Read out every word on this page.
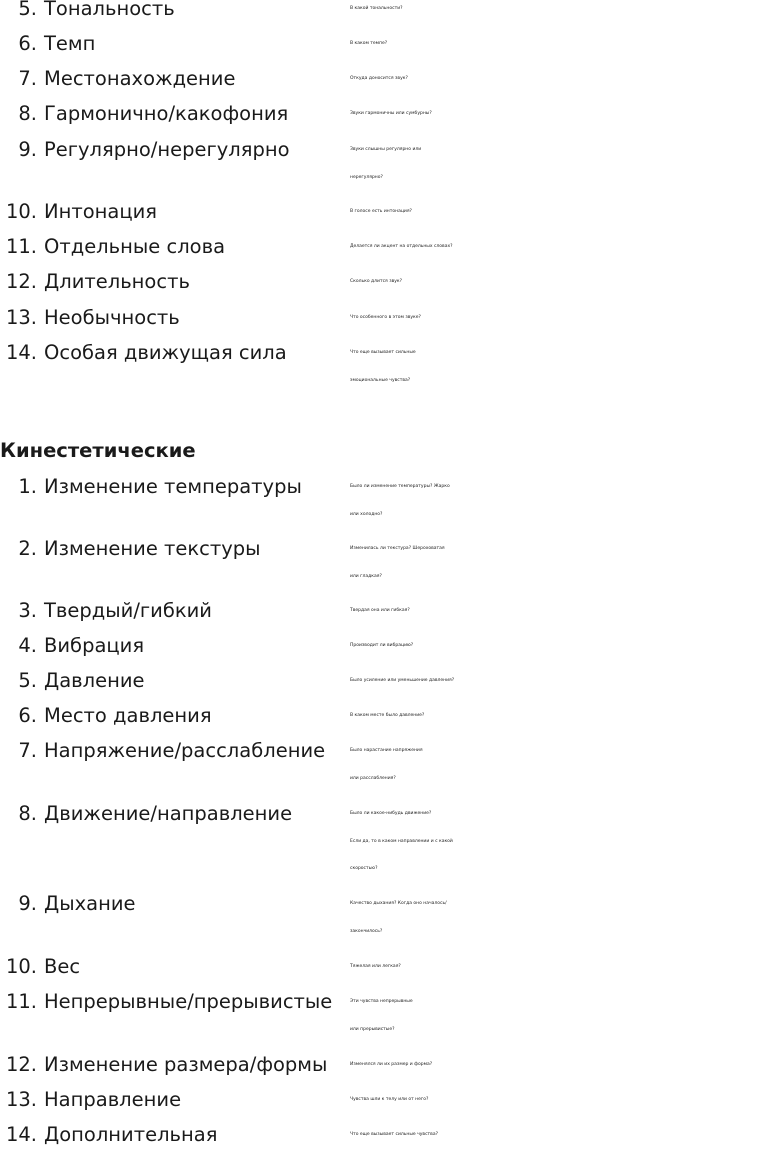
5. Тональность	В какой тональности?
6. Темп	В каком темпе?
7. Местонахождение	Откуда доносится звук?
8. Гармонично/какофония	Звуки гармоничны или сумбурны?
9. Регулярно/нерегулярно	Звуки слышны регулярно или
нерегулярно?
10. Интонация	В голосе есть интонация?
11. Отдельные слова	Делается ли акцент на отдельных словах?
12. Длительность	Сколько длится звук?
13. Необычность	Что особенного в этом звуке?
14. Особая движущая сила	Что еще вызывает сильные
эмоциональные чувства?
Кинестетические
1. Изменение температуры	Было ли изменение температуры? Жарко
или холодно?
2. Изменение текстуры	Изменилась ли текстура? Шероховатая
или гладкая?
3. Твердый/гибкий	Твердая она или гибкая?
4. Вибрация	Производит ли вибрацию?
5. Давление	Было усиление или уменьшение давления?
6. Место давления	В каком месте было давление?
7. Напряжение/расслабление	Было нарастание напряжения
или расслабления?
8. Движение/направление	Было ли какое-нибудь движение?
Если да, то в каком направлении и с какой
скоростью?
9. Дыхание	Качество дыхания? Когда оно началось/
закончилось?
10. Вес	Тяжелая или легкая?
11. Непрерывные/прерывистые	Эти чувства непрерывные
или прерывистые?
12. Изменение размера/формы	Изменялся ли их размер и форма?
13. Направление	Чувства шли к телу или от него?
14. Дополнительная	Что еще вызывает сильные чувства?
